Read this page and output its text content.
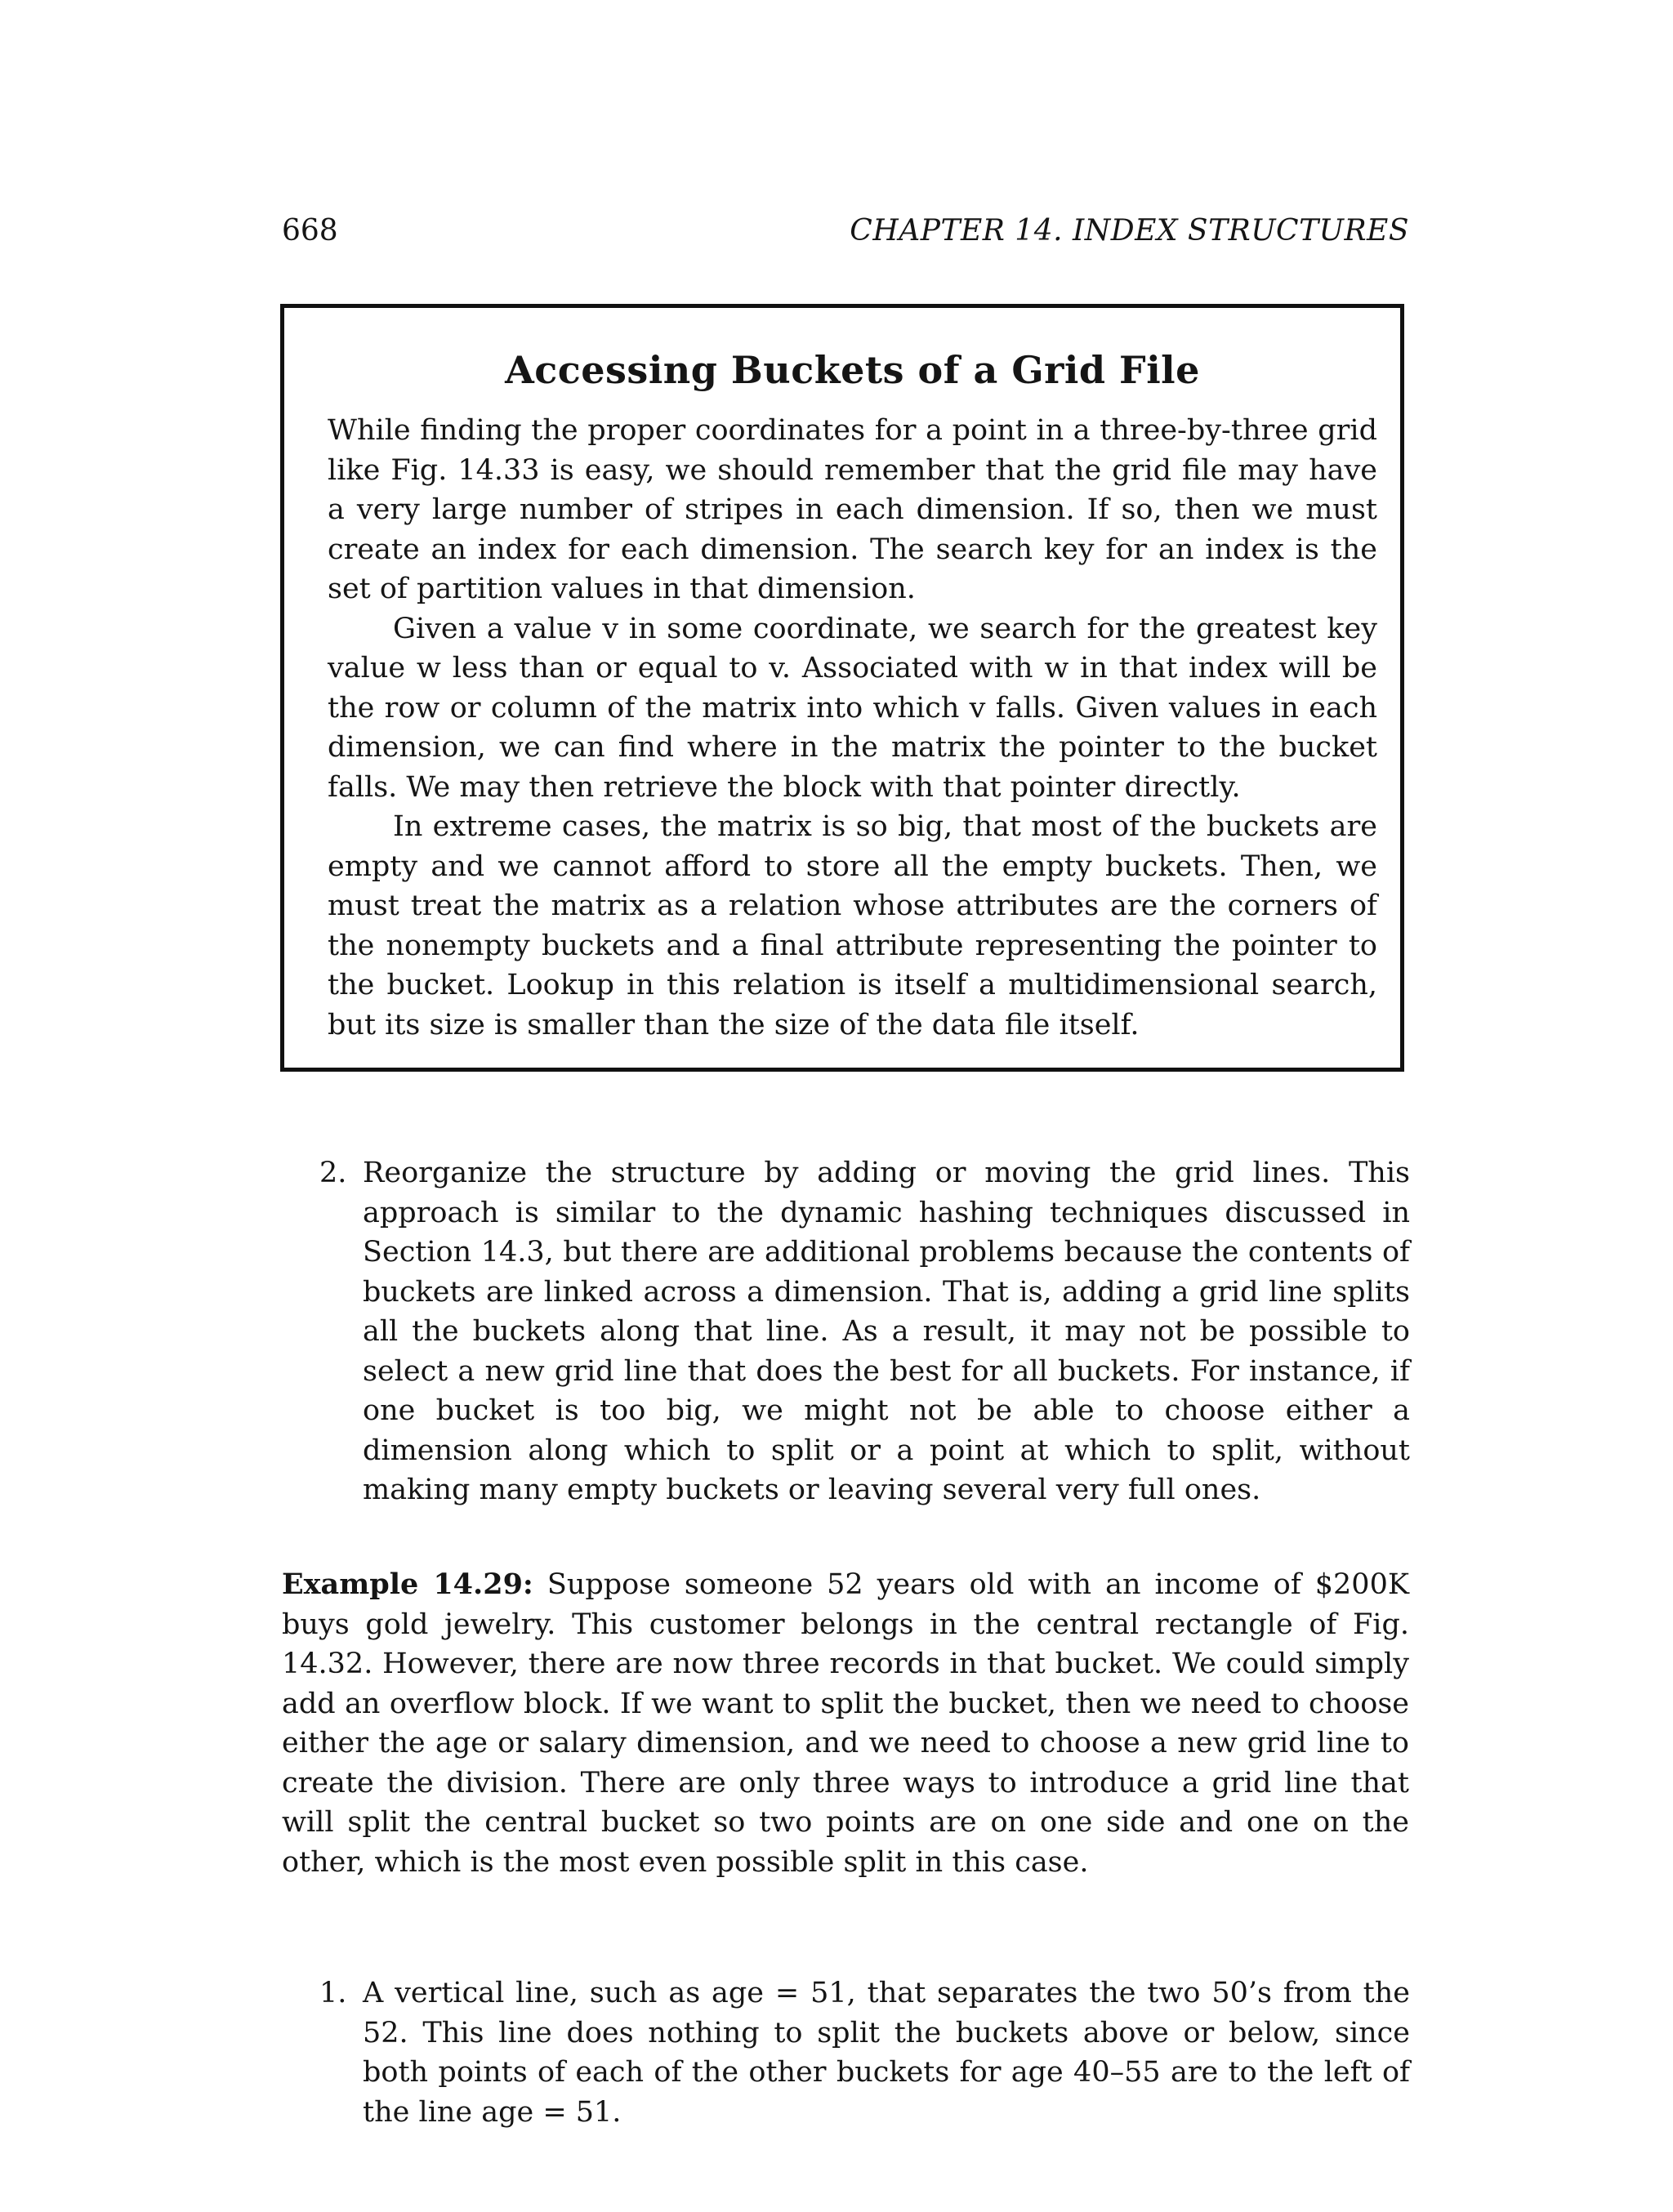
668	CHAPTER 14. INDEX STRUCTURES
Accessing Buckets of a Grid File

While finding the proper coordinates for a point in a three-by-three grid like Fig. 14.33 is easy, we should remember that the grid file may have a very large number of stripes in each dimension. If so, then we must create an index for each dimension. The search key for an index is the set of partition values in that dimension.

Given a value v in some coordinate, we search for the greatest key value w less than or equal to v. Associated with w in that index will be the row or column of the matrix into which v falls. Given values in each dimension, we can find where in the matrix the pointer to the bucket falls. We may then retrieve the block with that pointer directly.

In extreme cases, the matrix is so big, that most of the buckets are empty and we cannot afford to store all the empty buckets. Then, we must treat the matrix as a relation whose attributes are the corners of the nonempty buckets and a final attribute representing the pointer to the bucket. Lookup in this relation is itself a multidimensional search, but its size is smaller than the size of the data file itself.

2. Reorganize the structure by adding or moving the grid lines. This approach is similar to the dynamic hashing techniques discussed in Section 14.3, but there are additional problems because the contents of buckets are linked across a dimension. That is, adding a grid line splits all the buckets along that line. As a result, it may not be possible to select a new grid line that does the best for all buckets. For instance, if one bucket is too big, we might not be able to choose either a dimension along which to split or a point at which to split, without making many empty buckets or leaving several very full ones.
Example 14.29: Suppose someone 52 years old with an income of $200K buys gold jewelry. This customer belongs in the central rectangle of Fig. 14.32. However, there are now three records in that bucket. We could simply add an overflow block. If we want to split the bucket, then we need to choose either the age or salary dimension, and we need to choose a new grid line to create the division. There are only three ways to introduce a grid line that will split the central bucket so two points are on one side and one on the other, which is the most even possible split in this case.
1. A vertical line, such as age = 51, that separates the two 50’s from the 52. This line does nothing to split the buckets above or below, since both points of each of the other buckets for age 40–55 are to the left of the line age = 51.
